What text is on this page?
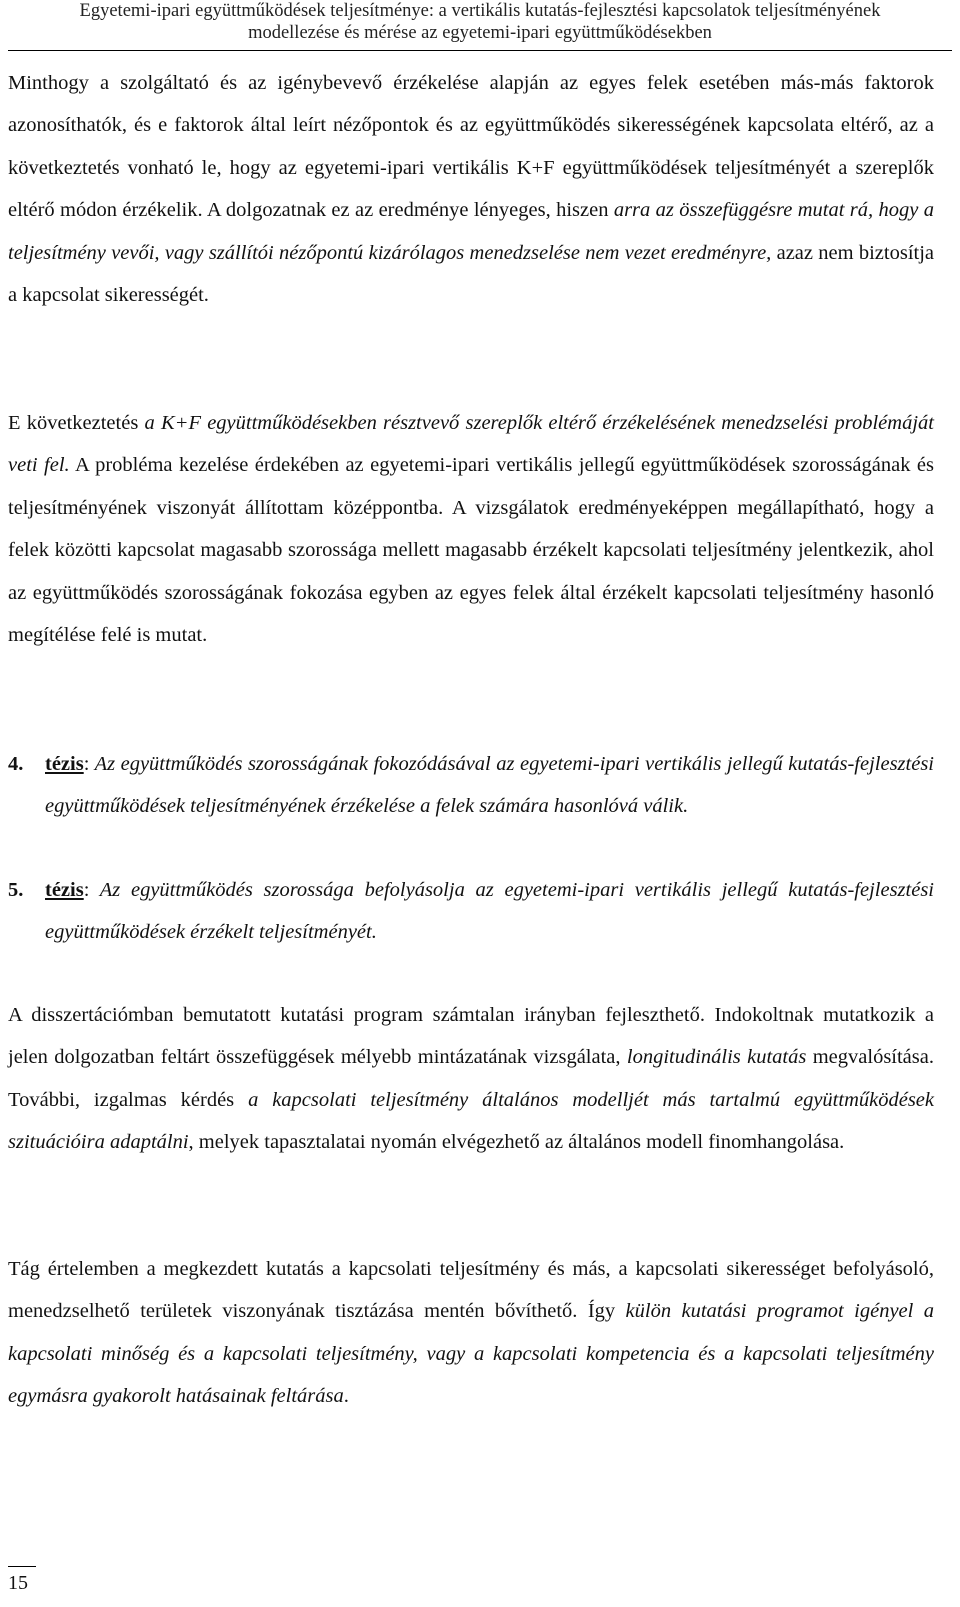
Egyetemi-ipari együttműködések teljesítménye: a vertikális kutatás-fejlesztési kapcsolatok teljesítményének
modellezése és mérése az egyetemi-ipari együttműködésekben

Minthogy a szolgáltató és az igénybevevő érzékelése alapján az egyes felek esetében más-más faktorok azonosíthatók, és e faktorok által leírt nézőpontok és az együttműködés sikerességének kapcsolata eltérő, az a következtetés vonható le, hogy az egyetemi-ipari vertikális K+F együttműködések teljesítményét a szereplők eltérő módon érzékelik. A dolgozatnak ez az eredménye lényeges, hiszen arra az összefüggésre mutat rá, hogy a teljesítmény vevői, vagy szállítói nézőpontú kizárólagos menedzselése nem vezet eredményre, azaz nem biztosítja a kapcsolat sikerességét.

E következtetés a K+F együttműködésekben résztvevő szereplők eltérő érzékelésének menedzselési problémáját veti fel. A probléma kezelése érdekében az egyetemi-ipari vertikális jellegű együttműködések szorosságának és teljesítményének viszonyát állítottam középpontba. A vizsgálatok eredményeképpen megállapítható, hogy a felek közötti kapcsolat magasabb szorossága mellett magasabb érzékelt kapcsolati teljesítmény jelentkezik, ahol az együttműködés szorosságának fokozása egyben az egyes felek által érzékelt kapcsolati teljesítmény hasonló megítélése felé is mutat.

4. tézis: Az együttműködés szorosságának fokozódásával az egyetemi-ipari vertikális jellegű kutatás-fejlesztési együttműködések teljesítményének érzékelése a felek számára hasonlóvá válik.
5. tézis: Az együttműködés szorossága befolyásolja az egyetemi-ipari vertikális jellegű kutatás-fejlesztési együttműködések érzékelt teljesítményét.

A disszertációmban bemutatott kutatási program számtalan irányban fejleszthető. Indokoltnak mutatkozik a jelen dolgozatban feltárt összefüggések mélyebb mintázatának vizsgálata, longitudinális kutatás megvalósítása. További, izgalmas kérdés a kapcsolati teljesítmény általános modelljét más tartalmú együttműködések szituációira adaptálni, melyek tapasztalatai nyomán elvégezhető az általános modell finomhangolása.

Tág értelemben a megkezdett kutatás a kapcsolati teljesítmény és más, a kapcsolati sikerességet befolyásoló, menedzselhető területek viszonyának tisztázása mentén bővíthető. Így külön kutatási programot igényel a kapcsolati minőség és a kapcsolati teljesítmény, vagy a kapcsolati kompetencia és a kapcsolati teljesítmény egymásra gyakorolt hatásainak feltárása.

15
